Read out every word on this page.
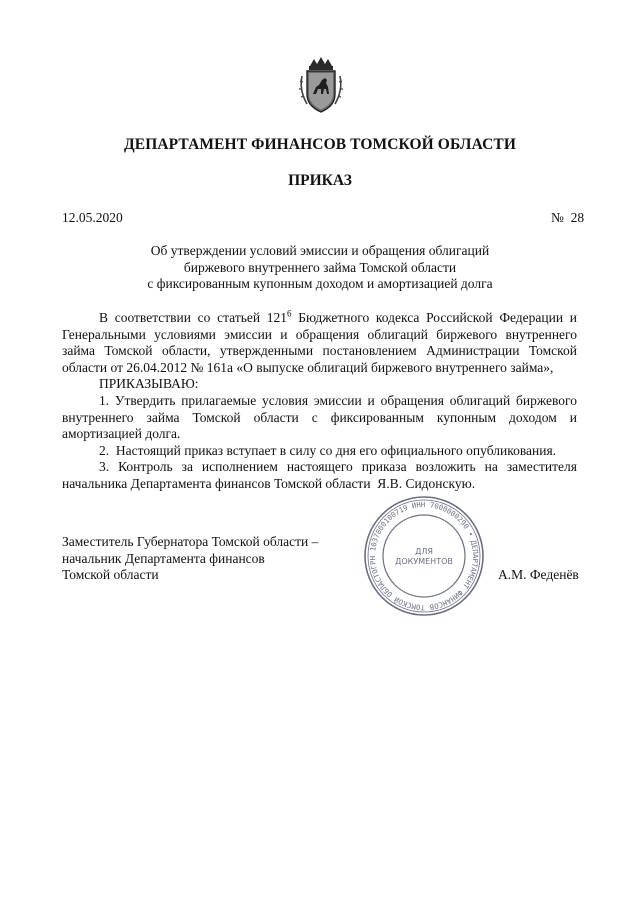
ДЕПАРТАМЕНТ ФИНАНСОВ ТОМСКОЙ ОБЛАСТИ
ПРИКАЗ
12.05.2020	№  28
Об утверждении условий эмиссии и обращения облигаций
биржевого внутреннего займа Томской области
с фиксированным купонным доходом и амортизацией долга

В соответствии со статьей $121^6$ Бюджетного кодекса Российской Федерации и Генеральными условиями эмиссии и обращения облигаций биржевого внутреннего займа Томской области, утвержденными постановлением Администрации Томской области от 26.04.2012 № 161а «О выпуске облигаций биржевого внутреннего займа»,

ПРИКАЗЫВАЮ:

1. Утвердить прилагаемые условия эмиссии и обращения облигаций биржевого внутреннего займа Томской области с фиксированным купонным доходом и амортизацией долга.

2.  Настоящий приказ вступает в силу со дня его официального опубликования.

3. Контроль за исполнением настоящего приказа возложить на заместителя начальника Департамента финансов Томской области  Я.В. Сидонскую.

Заместитель Губернатора Томской области –
начальник Департамента финансов
Томской области	А.М. Феденёв
ОГРН 1037000100719 ИНН 7000000290 • ДЕПАРТАМЕНТ ФИНАНСОВ ТОМСКОЙ ОБЛАСТИ
ДЛЯ
ДОКУМЕНТОВ
